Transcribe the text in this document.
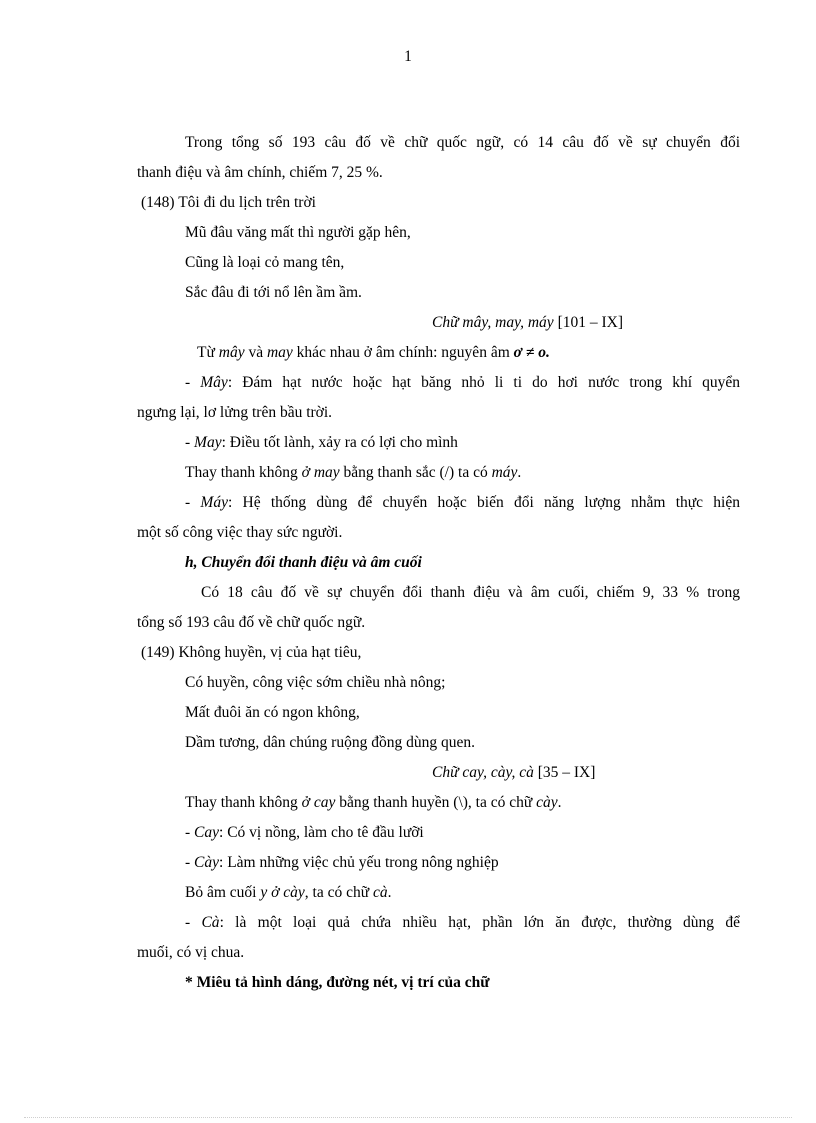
1
Trong tổng số 193 câu đố về chữ quốc ngữ, có 14 câu đố về sự chuyển đổi
thanh điệu và âm chính, chiếm 7, 25 %.
(148) Tôi đi du lịch trên trời
Mũ đâu văng mất thì người gặp hên,
Cũng là loại cỏ mang tên,
Sắc đâu đi tới nổ lên ầm ầm.
Chữ mây, may, máy [101 – IX]
Từ mây và may khác nhau ở âm chính: nguyên âm ơ ≠ o.
- Mây: Đám hạt nước hoặc hạt băng nhỏ li ti do hơi nước trong khí quyển
ngưng lại, lơ lửng trên bầu trời.
- May: Điều tốt lành, xảy ra có lợi cho mình
Thay thanh không ở may bằng thanh sắc (/) ta có máy.
- Máy: Hệ thống dùng để chuyển hoặc biến đổi năng lượng nhằm thực hiện
một số công việc thay sức người.
h, Chuyển đổi thanh điệu và âm cuối
Có 18 câu đố về sự chuyển đổi thanh điệu và âm cuối, chiếm 9, 33 % trong
tổng số 193 câu đố về chữ quốc ngữ.
(149) Không huyền, vị của hạt tiêu,
Có huyền, công việc sớm chiều nhà nông;
Mất đuôi ăn có ngon không,
Dầm tương, dân chúng ruộng đồng dùng quen.
Chữ cay, cày, cà [35 – IX]
Thay thanh không ở cay bằng thanh huyền (\), ta có chữ cày.
- Cay: Có vị nồng, làm cho tê đầu lưỡi
- Cày: Làm những việc chủ yếu trong nông nghiệp
Bỏ âm cuối y ở cày, ta có chữ cà.
- Cà: là một loại quả chứa nhiều hạt, phần lớn ăn được, thường dùng để
muối, có vị chua.
* Miêu tả hình dáng, đường nét, vị trí của chữ
